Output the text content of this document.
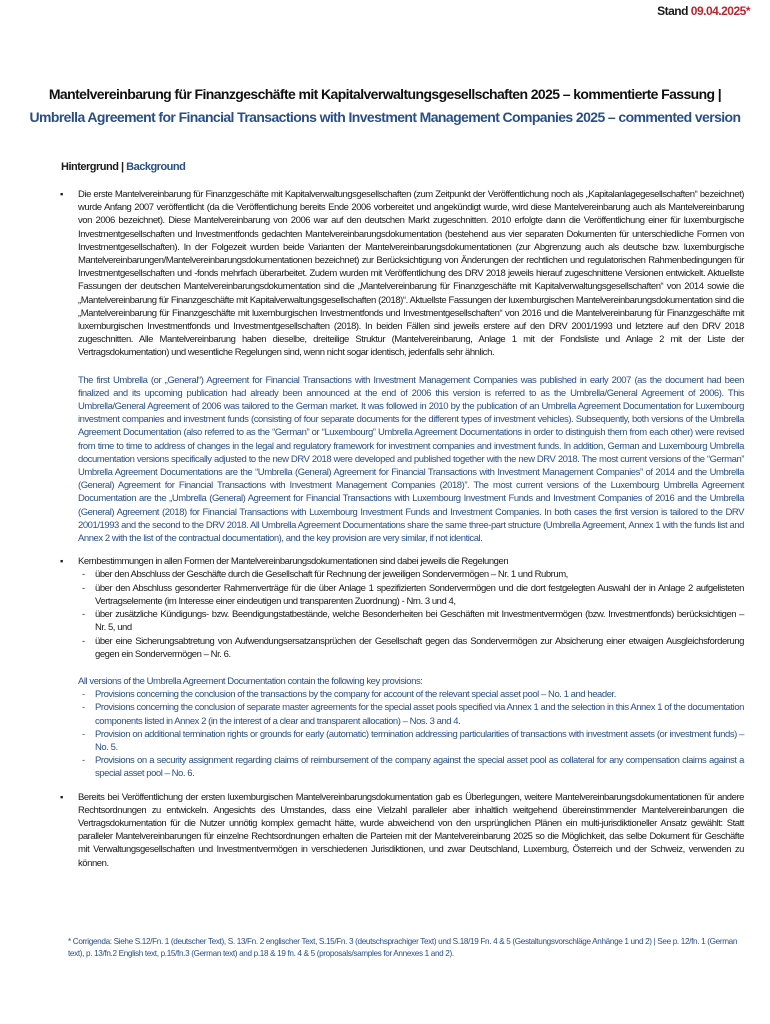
Stand 09.04.2025*
Mantelvereinbarung für Finanzgeschäfte mit Kapitalverwaltungsgesellschaften 2025 – kommentierte Fassung |
Umbrella Agreement for Financial Transactions with Investment Management Companies 2025 – commented version
Hintergrund | Background
▪ Die erste Mantelvereinbarung für Finanzgeschäfte mit Kapitalverwaltungsgesellschaften (zum Zeitpunkt der Veröffentlichung noch als „Kapitalanlagegesellschaften“ bezeichnet) wurde Anfang 2007 veröffentlicht (da die Veröffentlichung bereits Ende 2006 vorbereitet und angekündigt wurde, wird diese Mantelvereinbarung auch als Mantelvereinbarung von 2006 bezeichnet). Diese Mantelvereinbarung von 2006 war auf den deutschen Markt zugeschnitten. 2010 erfolgte dann die Veröffentlichung einer für luxemburgische Investmentgesellschaften und Investmentfonds gedachten Mantelvereinbarungsdokumentation (bestehend aus vier separaten Dokumenten für unterschiedliche Formen von Investmentgesellschaften). In der Folgezeit wurden beide Varianten der Mantelvereinbarungsdokumentationen (zur Abgrenzung auch als deutsche bzw. luxemburgische Mantelvereinbarungen/Mantelvereinbarungsdokumentationen bezeichnet) zur Berücksichtigung von Änderungen der rechtlichen und regulatorischen Rahmenbedingungen für Investmentgesellschaften und -fonds mehrfach überarbeitet. Zudem wurden mit Veröffentlichung des DRV 2018 jeweils hierauf zugeschnittene Versionen entwickelt. Aktuellste Fassungen der deutschen Mantelvereinbarungsdokumentation sind die „Mantelvereinbarung für Finanzgeschäfte mit Kapitalverwaltungsgesellschaften“ von 2014 sowie die „Mantelvereinbarung für Finanzgeschäfte mit Kapitalverwaltungsgesellschaften (2018)“. Aktuellste Fassungen der luxemburgischen Mantelvereinbarungsdokumentation sind die „Mantelvereinbarung für Finanzgeschäfte mit luxemburgischen Investmentfonds und Investmentgesellschaften“ von 2016 und die Mantelvereinbarung für Finanzgeschäfte mit luxemburgischen Investmentfonds und Investmentgesellschaften (2018). In beiden Fällen sind jeweils erstere auf den DRV 2001/1993 und letztere auf den DRV 2018 zugeschnitten. Alle Mantelvereinbarung haben dieselbe, dreiteilige Struktur (Mantelvereinbarung, Anlage 1 mit der Fondsliste und Anlage 2 mit der Liste der Vertragsdokumentation) und wesentliche Regelungen sind, wenn nicht sogar identisch, jedenfalls sehr ähnlich.

The first Umbrella (or „General“) Agreement for Financial Transactions with Investment Management Companies was published in early 2007 (as the document had been finalized and its upcoming publication had already been announced at the end of 2006 this version is referred to as the Umbrella/General Agreement of 2006). This Umbrella/General Agreement of 2006 was tailored to the German market. It was followed in 2010 by the publication of an Umbrella Agreement Documentation for Luxembourg investment companies and investment funds (consisting of four separate documents for the different types of investment vehicles). Subsequently, both versions of the Umbrella Agreement Documentation (also referred to as the “German” or “Luxembourg” Umbrella Agreement Documentations in order to distinguish them from each other) were revised from time to time to address of changes in the legal and regulatory framework for investment companies and investment funds. In addition, German and Luxembourg Umbrella documentation versions specifically adjusted to the new DRV 2018 were developed and published together with the new DRV 2018. The most current versions of the “German” Umbrella Agreement Documentations are the “Umbrella (General) Agreement for Financial Transactions with Investment Management Companies” of 2014 and the Umbrella (General) Agreement for Financial Transactions with Investment Management Companies (2018)”. The most current versions of the Luxembourg Umbrella Agreement Documentation are the „Umbrella (General) Agreement for Financial Transactions with Luxembourg Investment Funds and Investment Companies of 2016 and the Umbrella (General) Agreement (2018) for Financial Transactions with Luxembourg Investment Funds and Investment Companies. In both cases the first version is tailored to the DRV 2001/1993 and the second to the DRV 2018. All Umbrella Agreement Documentations share the same three-part structure (Umbrella Agreement, Annex 1 with the funds list and Annex 2 with the list of the contractual documentation), and the key provision are very similar, if not identical.

▪ Kernbestimmungen in allen Formen der Mantelvereinbarungsdokumentationen sind dabei jeweils die Regelungen

- über den Abschluss der Geschäfte durch die Gesellschaft für Rechnung der jeweiligen Sondervermögen – Nr. 1 und Rubrum,
- über den Abschluss gesonderter Rahmenverträge für die über Anlage 1 spezifizierten Sondervermögen und die dort festgelegten Auswahl der in Anlage 2 aufgelisteten Vertragselemente (im Interesse einer eindeutigen und transparenten Zuordnung) - Nrn. 3 und 4,
- über zusätzliche Kündigungs- bzw. Beendigungstatbestände, welche Besonderheiten bei Geschäften mit Investmentvermögen (bzw. Investmentfonds) berücksichtigen – Nr. 5, und
- über eine Sicherungsabtretung von Aufwendungsersatzansprüchen der Gesellschaft gegen das Sondervermögen zur Absicherung einer etwaigen Ausgleichsforderung gegen ein Sondervermögen – Nr. 6.

All versions of the Umbrella Agreement Documentation contain the following key provisions:

- Provisions concerning the conclusion of the transactions by the company for account of the relevant special asset pool – No. 1 and header.
- Provisions concerning the conclusion of separate master agreements for the special asset pools specified via Annex 1 and the selection in this Annex 1 of the documentation components listed in Annex 2 (in the interest of a clear and transparent allocation) – Nos. 3 and 4.
- Provision on additional termination rights or grounds for early (automatic) termination addressing particularities of transactions with investment assets (or investment funds) – No. 5.
- Provisions on a security assignment regarding claims of reimbursement of the company against the special asset pool as collateral for any compensation claims against a special asset pool – No. 6.
▪ Bereits bei Veröffentlichung der ersten luxemburgischen Mantelvereinbarungsdokumentation gab es Überlegungen, weitere Mantelvereinbarungsdokumentationen für andere Rechtsordnungen zu entwickeln. Angesichts des Umstandes, dass eine Vielzahl paralleler aber inhaltlich weitgehend übereinstimmender Mantelvereinbarungen die Vertragsdokumentation für die Nutzer unnötig komplex gemacht hätte, wurde abweichend von den ursprünglichen Plänen ein multi-jurisdiktioneller Ansatz gewählt: Statt paralleler Mantelvereinbarungen für einzelne Rechtsordnungen erhalten die Parteien mit der Mantelvereinbarung 2025 so die Möglichkeit, das selbe Dokument für Geschäfte mit Verwaltungsgesellschaften und Investmentvermögen in verschiedenen Jurisdiktionen, und zwar Deutschland, Luxemburg, Österreich und der Schweiz, verwenden zu können.

* Corrigenda: Siehe S.12/Fn. 1 (deutscher Text), S. 13/Fn. 2 englischer Text, S.15/Fn. 3 (deutschsprachiger Text) und S.18/19 Fn. 4 & 5 (Gestaltungsvorschläge Anhänge 1 und 2) | See p. 12/fn. 1 (German text), p. 13/fn.2 English text, p.15/fn.3 (German text) and p.18 & 19 fn. 4 & 5 (proposals/samples for Annexes 1 and 2).
